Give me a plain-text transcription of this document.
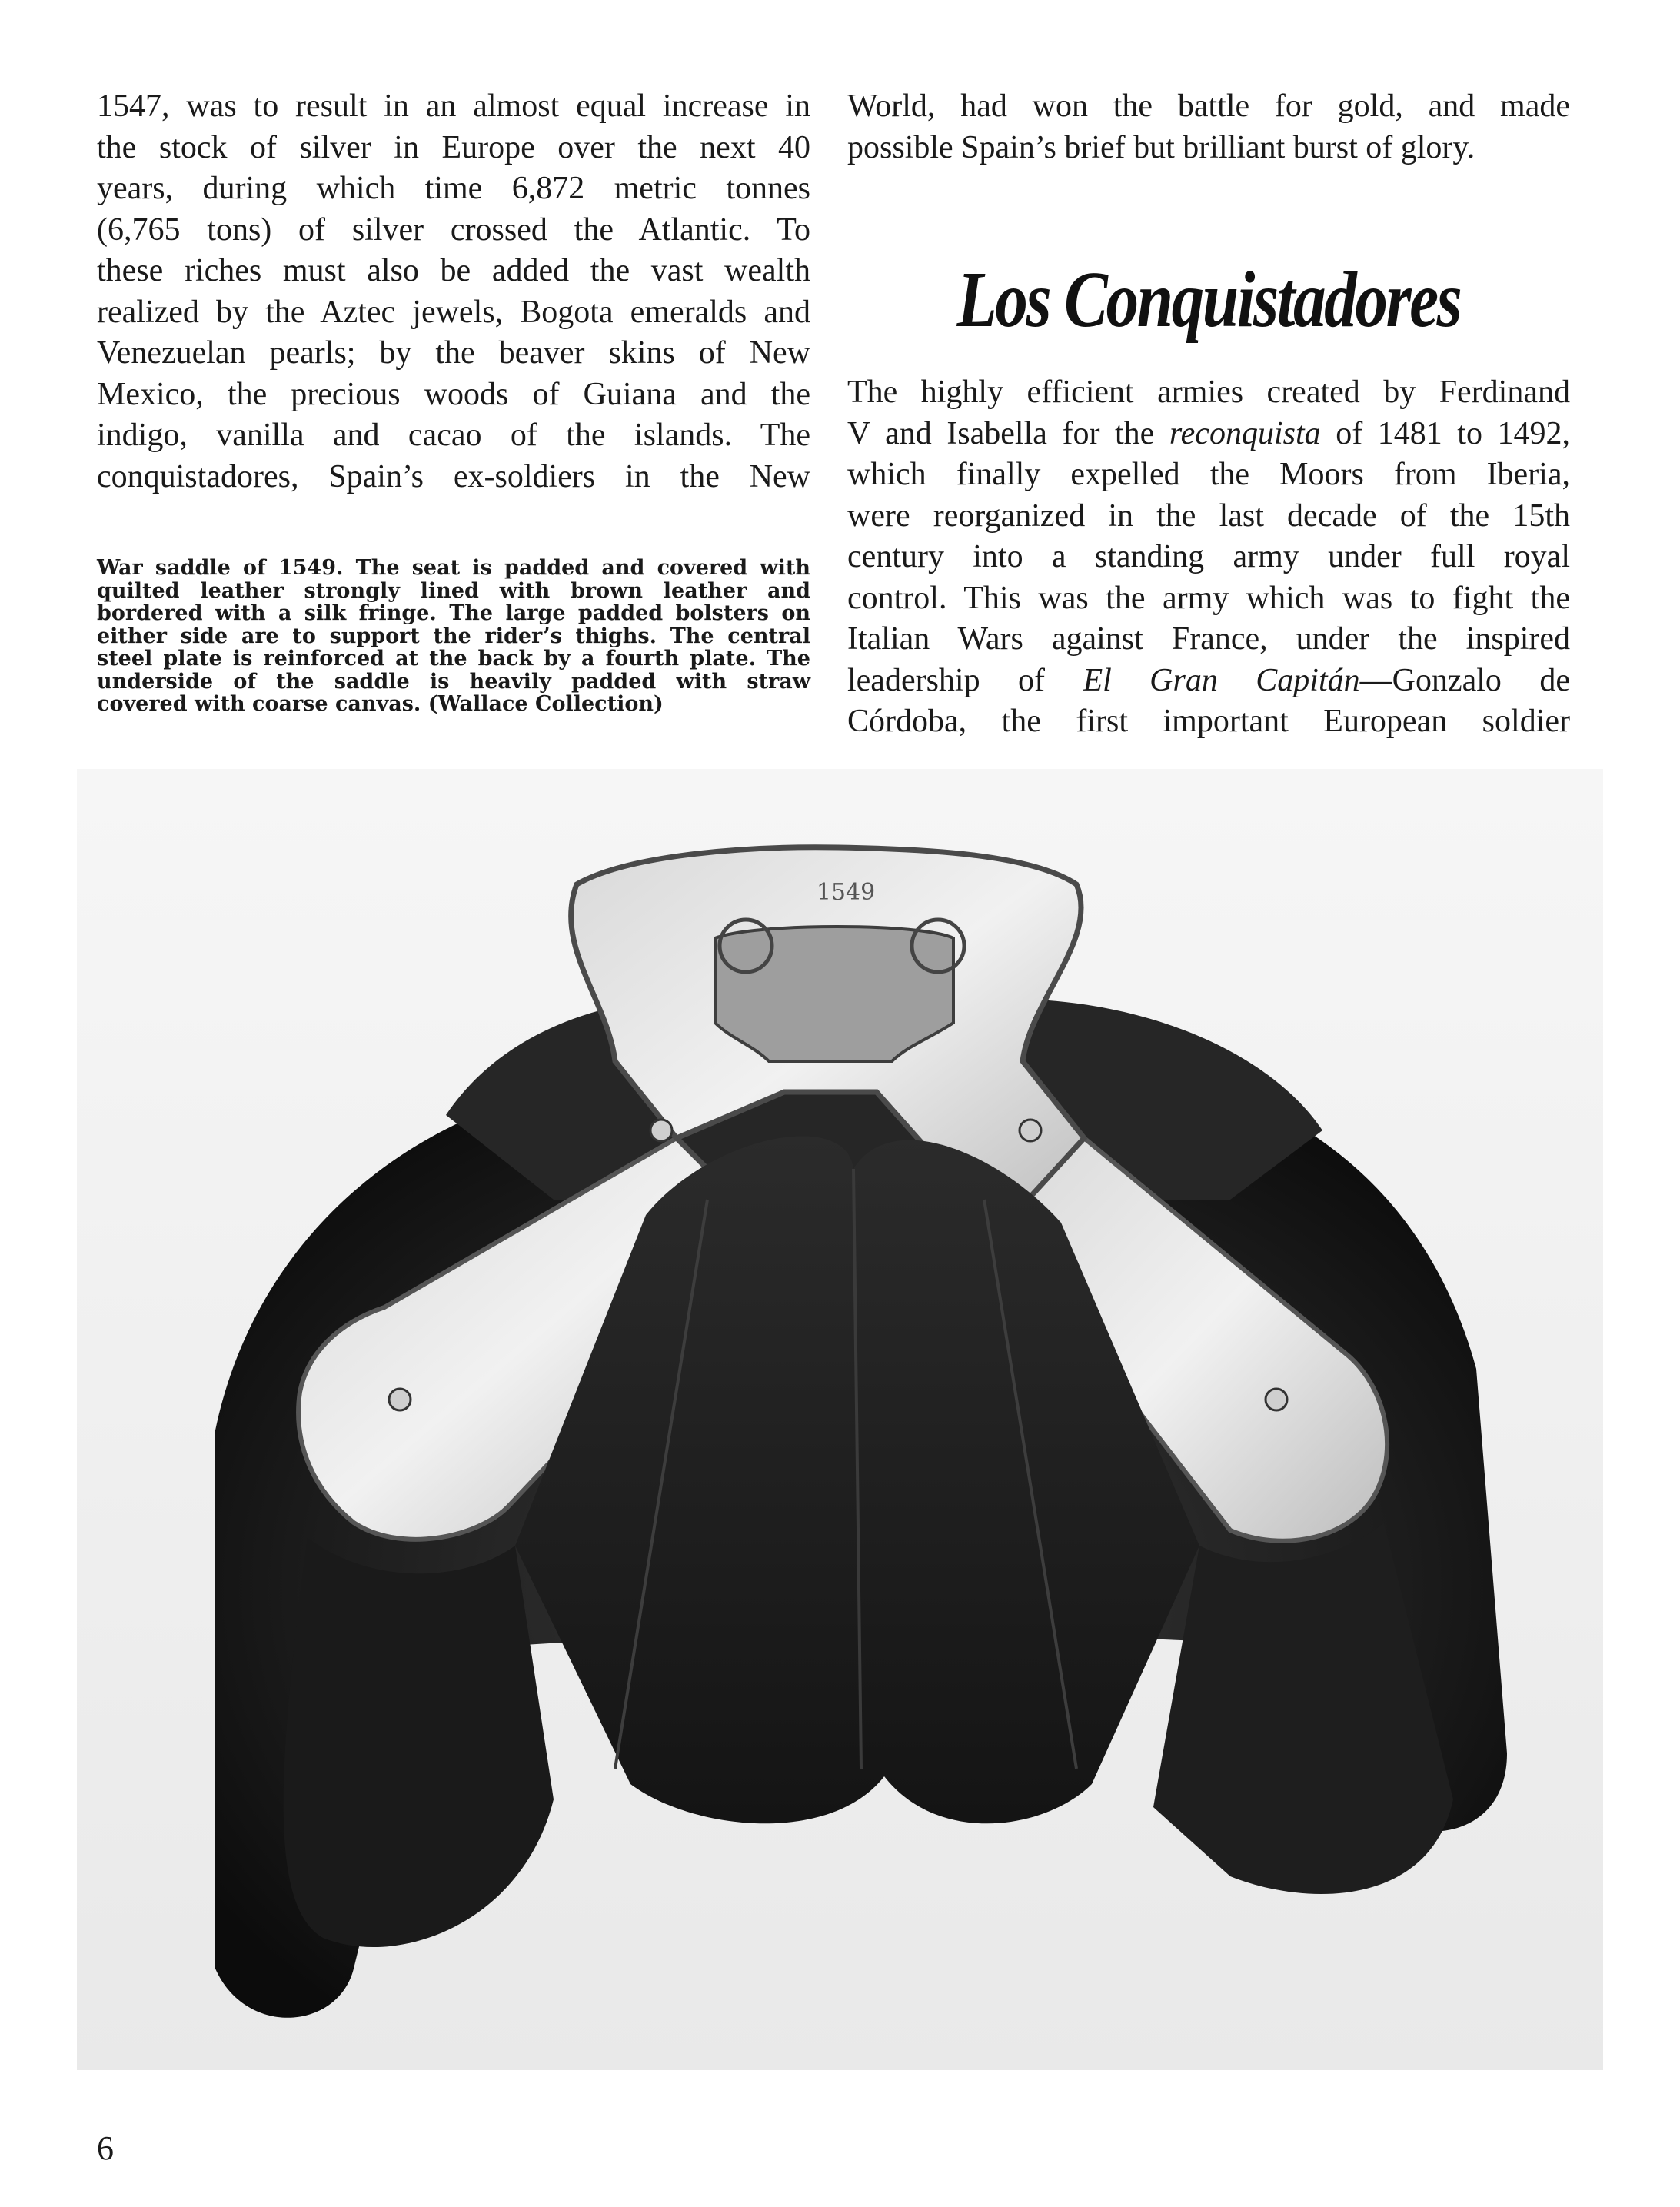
1547, was to result in an almost equal increase in
the stock of silver in Europe over the next 40
years, during which time 6,872 metric tonnes
(6,765 tons) of silver crossed the Atlantic. To
these riches must also be added the vast wealth
realized by the Aztec jewels, Bogota emeralds and
Venezuelan pearls; by the beaver skins of New
Mexico, the precious woods of Guiana and the
indigo, vanilla and cacao of the islands. The
conquistadores, Spain’s ex-soldiers in the New
World, had won the battle for gold, and made
possible Spain’s brief but brilliant burst of glory.
Los Conquistadores
The highly efficient armies created by Ferdinand
V and Isabella for the reconquista of 1481 to 1492,
which finally expelled the Moors from Iberia,
were reorganized in the last decade of the 15th
century into a standing army under full royal
control. This was the army which was to fight the
Italian Wars against France, under the inspired
leadership of El Gran Capitán—Gonzalo de
Córdoba, the first important European soldier
War saddle of 1549. The seat is padded and covered with
quilted leather strongly lined with brown leather and
bordered with a silk fringe. The large padded bolsters on
either side are to support the rider’s thighs. The central
steel plate is reinforced at the back by a fourth plate. The
underside of the saddle is heavily padded with straw
covered with coarse canvas. (Wallace Collection)
1549
6
